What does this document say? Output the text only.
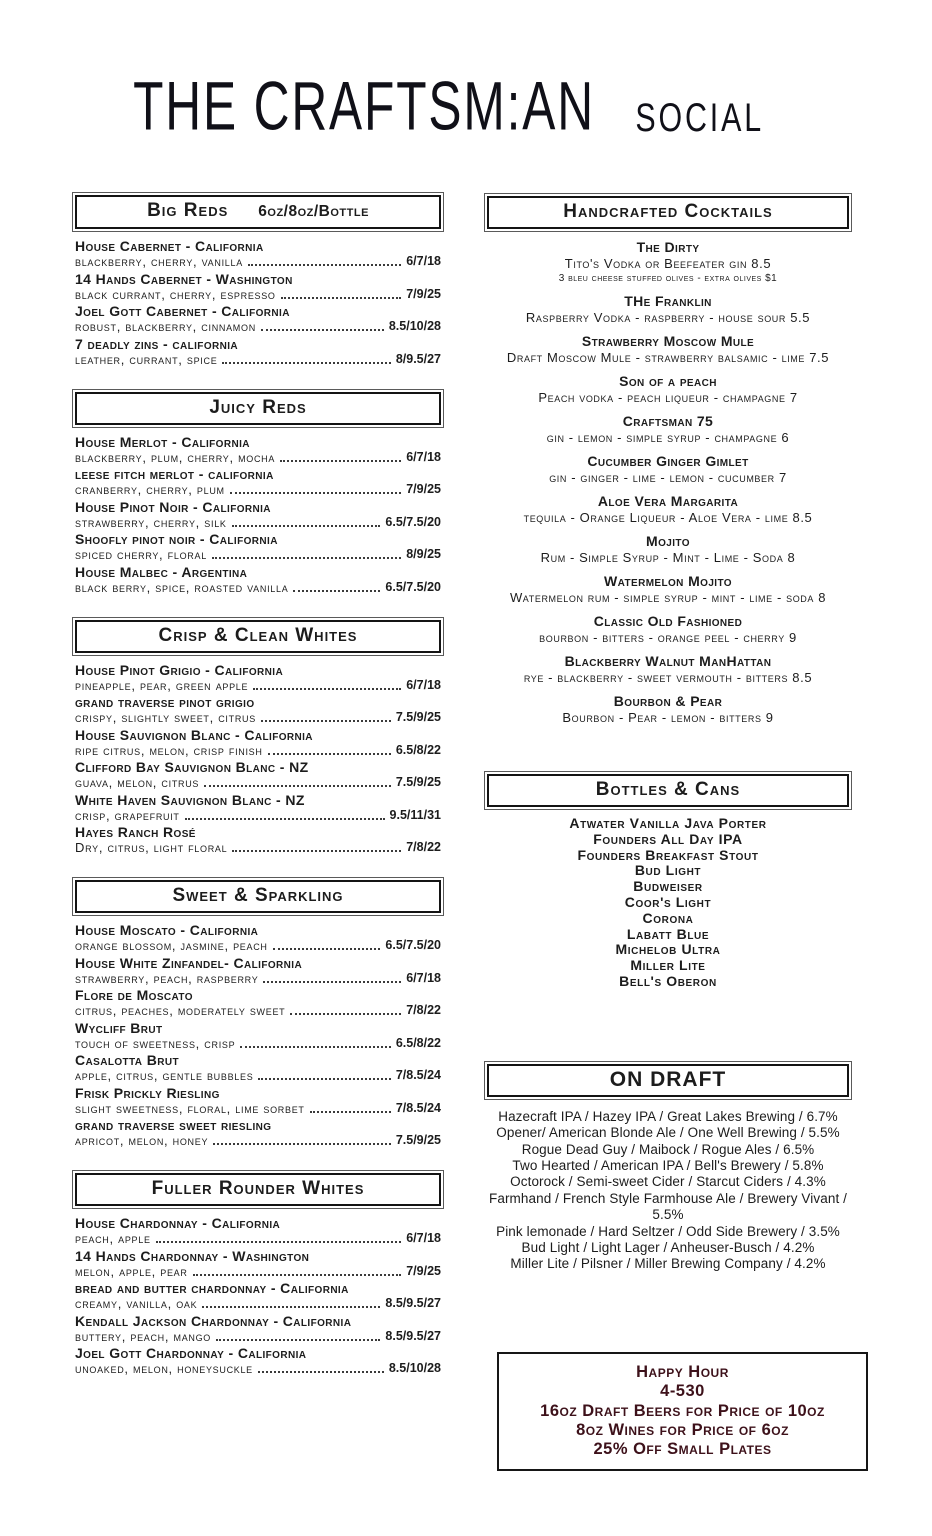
THE CRAFTSM:AN SOCIAL
Big Reds 6oz/8oz/Bottle
House Cabernet - California
blackberry, cherry, vanilla	6/7/18
14 Hands Cabernet - Washington
black currant, cherry, espresso	7/9/25
Joel Gott Cabernet - California
robust, blackberry, cinnamon	8.5/10/28
7 deadly zins - california
leather, currant, spice	8/9.5/27
Juicy Reds
House Merlot - California
blackberry, plum, cherry, mocha	6/7/18
leese fitch merlot - california
cranberry, cherry, plum	7/9/25
House Pinot Noir - California
strawberry, cherry, silk	6.5/7.5/20
Shoofly pinot noir - California
spiced cherry, floral	8/9/25
House Malbec - Argentina
black berry, spice, roasted vanilla	6.5/7.5/20
Crisp & Clean Whites
House Pinot Grigio - California
pineapple, pear, green apple	6/7/18
grand traverse pinot grigio
crispy, slightly sweet, citrus	7.5/9/25
House Sauvignon Blanc - California
ripe citrus, melon, crisp finish	6.5/8/22
Clifford Bay Sauvignon Blanc - NZ
guava, melon, citrus	7.5/9/25
White Haven Sauvignon Blanc - NZ
crisp, grapefruit	9.5/11/31
Hayes Ranch Rosé
Dry, citrus, light floral	7/8/22
Sweet & Sparkling
House Moscato - California
orange blossom, jasmine, peach	6.5/7.5/20
House White Zinfandel- California
strawberry, peach, raspberry	6/7/18
Flore de Moscato
citrus, peaches, moderately sweet	7/8/22
Wycliff Brut
touch of sweetness, crisp	6.5/8/22
Casalotta Brut
apple, citrus, gentle bubbles	7/8.5/24
Frisk Prickly Riesling
slight sweetness, floral, lime sorbet	7/8.5/24
grand traverse sweet riesling
apricot, melon, honey	7.5/9/25
Fuller Rounder Whites
House Chardonnay - California
peach, apple	6/7/18
14 Hands Chardonnay - Washington
melon, apple, pear	7/9/25
bread and butter chardonnay - California
creamy, vanilla, oak	8.5/9.5/27
Kendall Jackson Chardonnay - California
buttery, peach, mango	8.5/9.5/27
Joel Gott Chardonnay - California
unoaked, melon, honeysuckle	8.5/10/28
Handcrafted Cocktails
The Dirty
Tito's Vodka or Beefeater gin 8.5
3 bleu cheese stuffed olives - extra olives $1
THe Franklin
Raspberry Vodka - raspberry - house sour 5.5
Strawberry Moscow Mule
Draft Moscow Mule - strawberry balsamic - lime 7.5
Son of a peach
Peach vodka - peach liqueur - champagne 7
Craftsman 75
gin - lemon - simple syrup - champagne 6
Cucumber Ginger Gimlet
gin - ginger - lime - lemon - cucumber 7
Aloe Vera Margarita
tequila - Orange Liqueur - Aloe Vera - lime 8.5
Mojito
Rum - Simple Syrup - Mint - Lime - Soda 8
Watermelon Mojito
Watermelon rum - simple syrup - mint - lime - soda 8
Classic Old Fashioned
bourbon - bitters - orange peel - cherry 9
Blackberry Walnut ManHattan
rye - blackberry - sweet vermouth - bitters 8.5
Bourbon & Pear
Bourbon - Pear - lemon - bitters 9
Bottles & Cans
Atwater Vanilla Java Porter
Founders All Day IPA
Founders Breakfast Stout
Bud Light
Budweiser
Coor's Light
Corona
Labatt Blue
Michelob Ultra
Miller Lite
Bell's Oberon
ON DRAFT
Hazecraft IPA / Hazey IPA / Great Lakes Brewing / 6.7%
Opener/ American Blonde Ale / One Well Brewing / 5.5%
Rogue Dead Guy / Maibock / Rogue Ales / 6.5%
Two Hearted / American IPA / Bell's Brewery / 5.8%
Octorock / Semi-sweet Cider / Starcut Ciders / 4.3%
Farmhand / French Style Farmhouse Ale / Brewery Vivant / 5.5%
Pink lemonade / Hard Seltzer / Odd Side Brewery / 3.5%
Bud Light / Light Lager / Anheuser-Busch / 4.2%
Miller Lite / Pilsner / Miller Brewing Company / 4.2%
Happy Hour
4-530
16oz Draft Beers for Price of 10oz
8oz Wines for Price of 6oz
25% Off Small Plates
